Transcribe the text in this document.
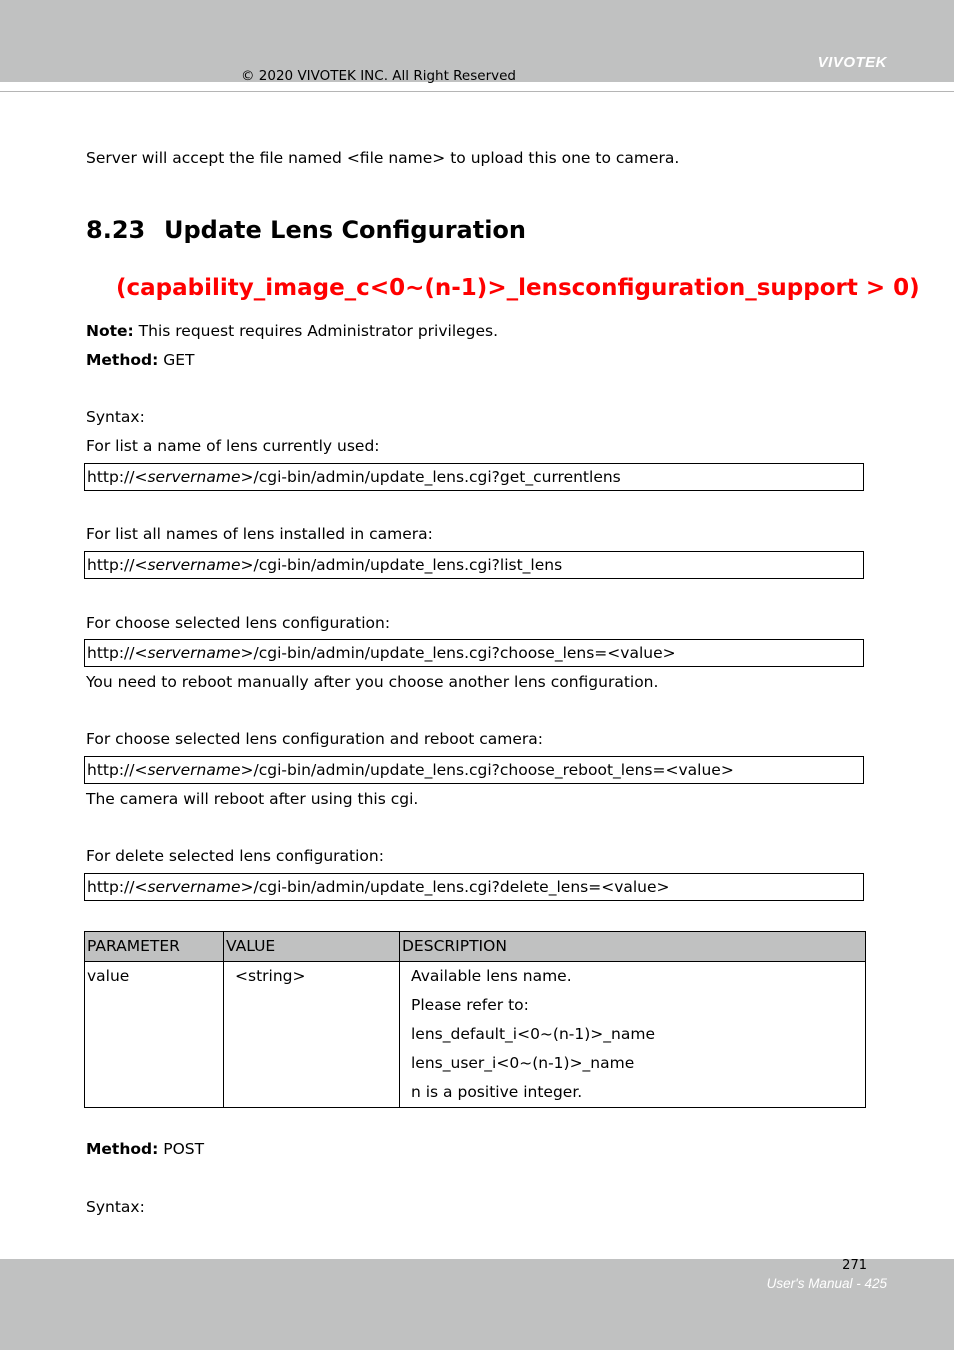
VIVOTEK
© 2020 VIVOTEK INC. All Right Reserved
Server will accept the file named <file name> to upload this one to camera.
8.23 Update Lens Configuration
(capability_image_c<0~(n-1)>_lensconfiguration_support > 0)
Note: This request requires Administrator privileges.
Method: GET
Syntax:
For list a name of lens currently used:
http://<servername>/cgi-bin/admin/update_lens.cgi?get_currentlens
For list all names of lens installed in camera:
http://<servername>/cgi-bin/admin/update_lens.cgi?list_lens
For choose selected lens configuration:
http://<servername>/cgi-bin/admin/update_lens.cgi?choose_lens=<value>
You need to reboot manually after you choose another lens configuration.
For choose selected lens configuration and reboot camera:
http://<servername>/cgi-bin/admin/update_lens.cgi?choose_reboot_lens=<value>
The camera will reboot after using this cgi.
For delete selected lens configuration:
http://<servername>/cgi-bin/admin/update_lens.cgi?delete_lens=<value>
PARAMETER	VALUE	DESCRIPTION
value	<string>	Available lens name.
Please refer to:
lens_default_i<0~(n-1)>_name
lens_user_i<0~(n-1)>_name
n is a positive integer.
Method: POST
Syntax:
271
User's Manual - 425
